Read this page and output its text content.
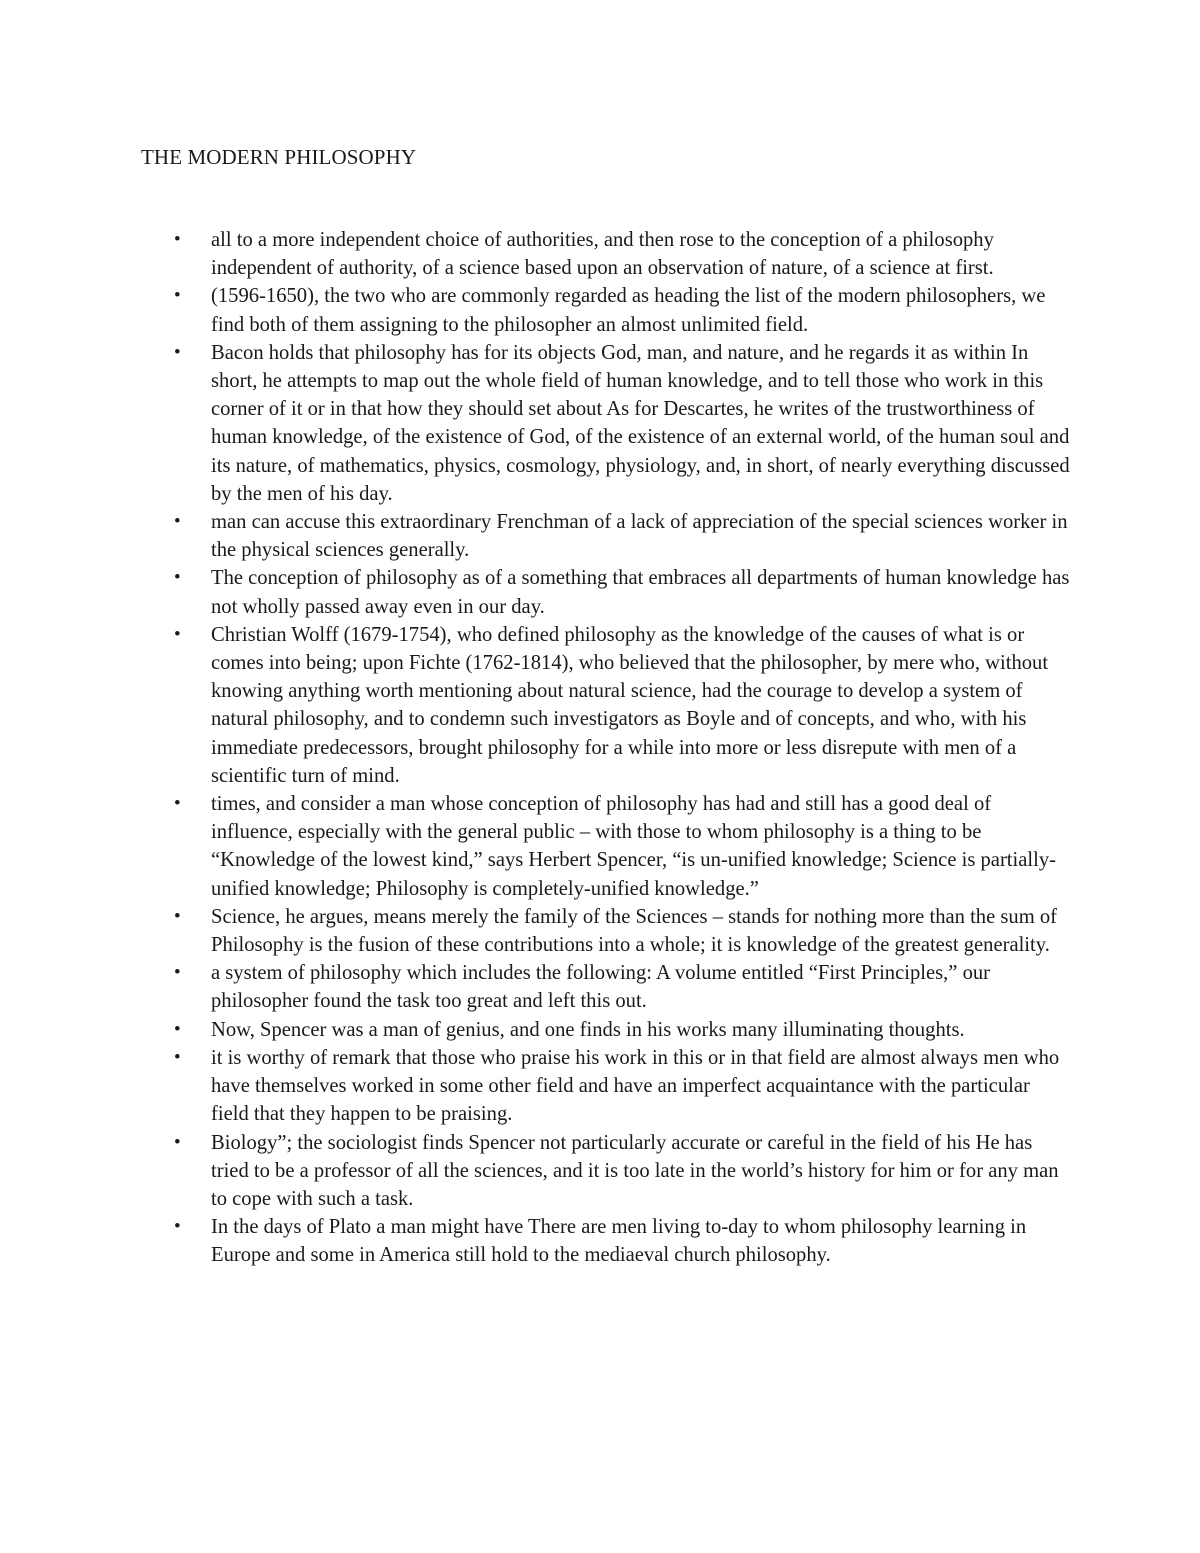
THE MODERN PHILOSOPHY
• all to a more independent choice of authorities, and then rose to the conception of a philosophy independent of authority, of a science based upon an observation of nature, of a science at first.
• (1596-1650), the two who are commonly regarded as heading the list of the modern philosophers, we find both of them assigning to the philosopher an almost unlimited field.
• Bacon holds that philosophy has for its objects God, man, and nature, and he regards it as within In short, he attempts to map out the whole field of human knowledge, and to tell those who work in this corner of it or in that how they should set about As for Descartes, he writes of the trustworthiness of human knowledge, of the existence of God, of the existence of an external world, of the human soul and its nature, of mathematics, physics, cosmology, physiology, and, in short, of nearly everything discussed by the men of his day.
• man can accuse this extraordinary Frenchman of a lack of appreciation of the special sciences worker in the physical sciences generally.
• The conception of philosophy as of a something that embraces all departments of human knowledge has not wholly passed away even in our day.
• Christian Wolff (1679-1754), who defined philosophy as the knowledge of the causes of what is or comes into being; upon Fichte (1762-1814), who believed that the philosopher, by mere who, without knowing anything worth mentioning about natural science, had the courage to develop a system of natural philosophy, and to condemn such investigators as Boyle and of concepts, and who, with his immediate predecessors, brought philosophy for a while into more or less disrepute with men of a scientific turn of mind.
• times, and consider a man whose conception of philosophy has had and still has a good deal of influence, especially with the general public – with those to whom philosophy is a thing to be “Knowledge of the lowest kind,” says Herbert Spencer, “is un-unified knowledge; Science is partially-unified knowledge; Philosophy is completely-unified knowledge.”
• Science, he argues, means merely the family of the Sciences – stands for nothing more than the sum of Philosophy is the fusion of these contributions into a whole; it is knowledge of the greatest generality.
• a system of philosophy which includes the following: A volume entitled “First Principles,” our philosopher found the task too great and left this out.
• Now, Spencer was a man of genius, and one finds in his works many illuminating thoughts.
• it is worthy of remark that those who praise his work in this or in that field are almost always men who have themselves worked in some other field and have an imperfect acquaintance with the particular field that they happen to be praising.
• Biology”; the sociologist finds Spencer not particularly accurate or careful in the field of his He has tried to be a professor of all the sciences, and it is too late in the world’s history for him or for any man to cope with such a task.
• In the days of Plato a man might have There are men living to-day to whom philosophy learning in Europe and some in America still hold to the mediaeval church philosophy.
